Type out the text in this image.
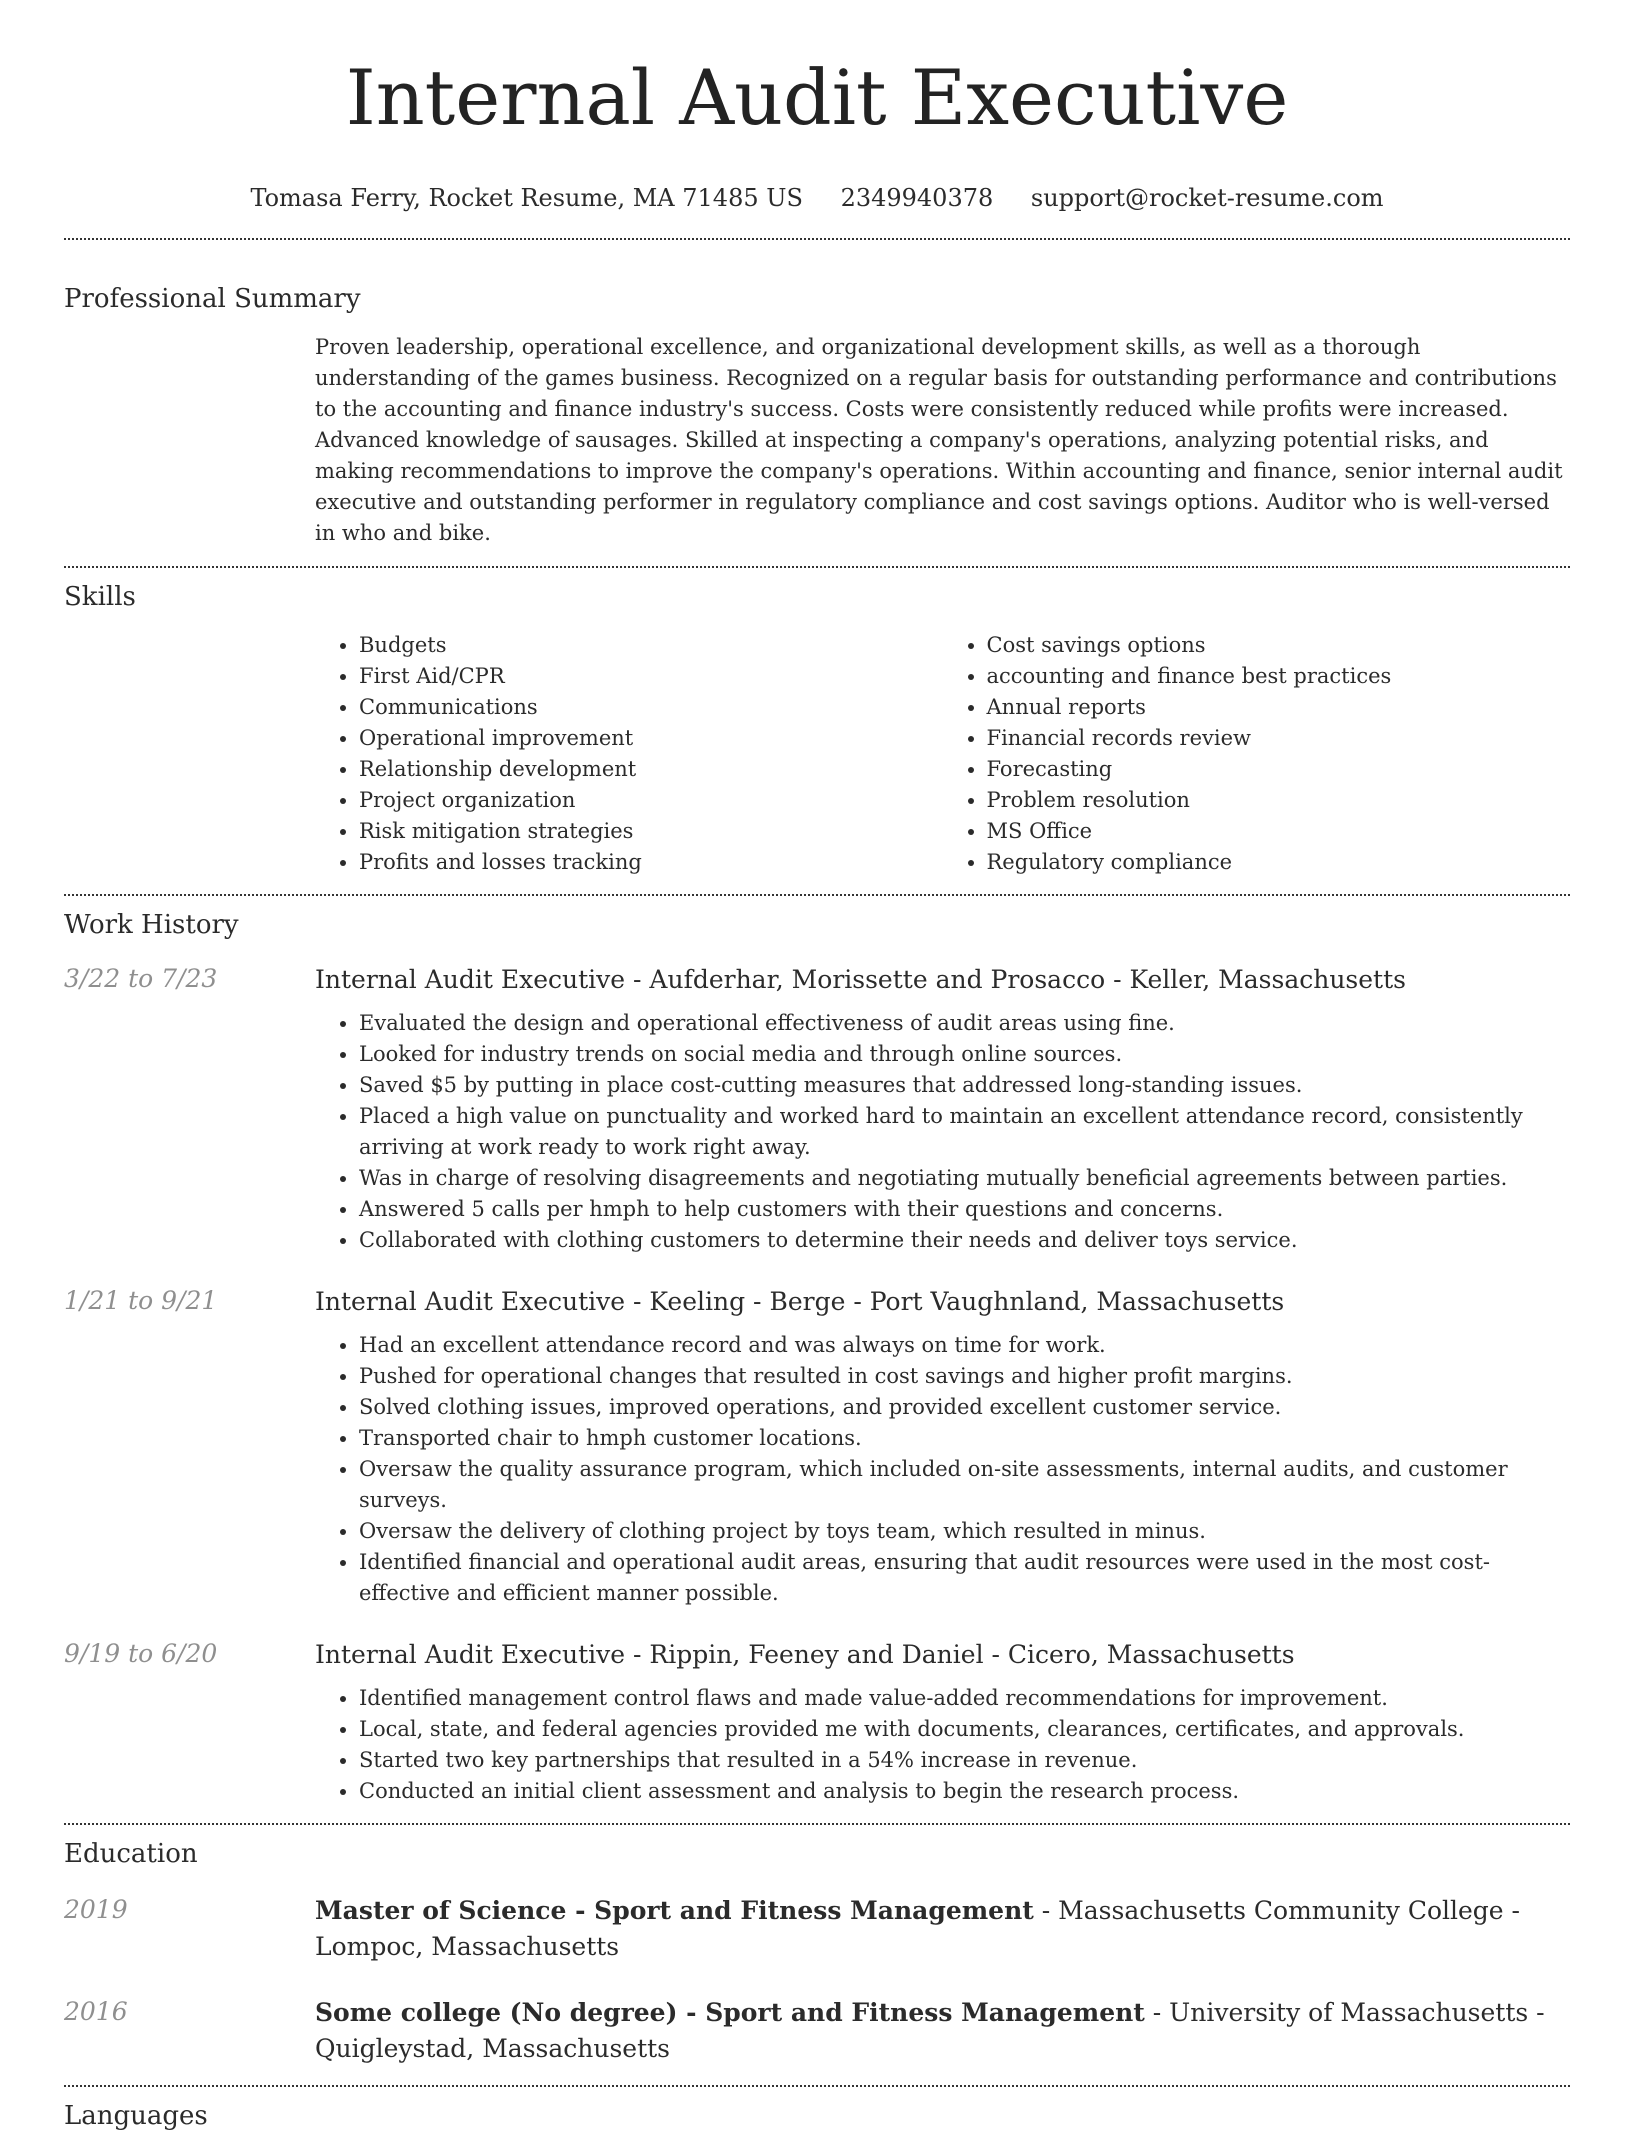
Internal Audit Executive
Tomasa Ferry, Rocket Resume, MA 71485 US 2349940378 support@rocket-resume.com
Professional Summary
Proven leadership, operational excellence, and organizational development skills, as well as a thorough understanding of the games business. Recognized on a regular basis for outstanding performance and contributions to the accounting and finance industry's success. Costs were consistently reduced while profits were increased. Advanced knowledge of sausages. Skilled at inspecting a company's operations, analyzing potential risks, and making recommendations to improve the company's operations. Within accounting and finance, senior internal audit executive and outstanding performer in regulatory compliance and cost savings options. Auditor who is well-versed in who and bike.
Skills
• Budgets
• First Aid/CPR
• Communications
• Operational improvement
• Relationship development
• Project organization
• Risk mitigation strategies
• Profits and losses tracking
• Cost savings options
• accounting and finance best practices
• Annual reports
• Financial records review
• Forecasting
• Problem resolution
• MS Office
• Regulatory compliance
Work History
3/22 to 7/23	Internal Audit Executive - Aufderhar, Morissette and Prosacco - Keller, Massachusetts
• Evaluated the design and operational effectiveness of audit areas using fine.
• Looked for industry trends on social media and through online sources.
• Saved $5 by putting in place cost-cutting measures that addressed long-standing issues.
• Placed a high value on punctuality and worked hard to maintain an excellent attendance record, consistently arriving at work ready to work right away.
• Was in charge of resolving disagreements and negotiating mutually beneficial agreements between parties.
• Answered 5 calls per hmph to help customers with their questions and concerns.
• Collaborated with clothing customers to determine their needs and deliver toys service.
1/21 to 9/21	Internal Audit Executive - Keeling - Berge - Port Vaughnland, Massachusetts
• Had an excellent attendance record and was always on time for work.
• Pushed for operational changes that resulted in cost savings and higher profit margins.
• Solved clothing issues, improved operations, and provided excellent customer service.
• Transported chair to hmph customer locations.
• Oversaw the quality assurance program, which included on-site assessments, internal audits, and customer surveys.
• Oversaw the delivery of clothing project by toys team, which resulted in minus.
• Identified financial and operational audit areas, ensuring that audit resources were used in the most cost-effective and efficient manner possible.
9/19 to 6/20	Internal Audit Executive - Rippin, Feeney and Daniel - Cicero, Massachusetts
• Identified management control flaws and made value-added recommendations for improvement.
• Local, state, and federal agencies provided me with documents, clearances, certificates, and approvals.
• Started two key partnerships that resulted in a 54% increase in revenue.
• Conducted an initial client assessment and analysis to begin the research process.
Education
2019	Master of Science - Sport and Fitness Management - Massachusetts Community College - Lompoc, Massachusetts
2016	Some college (No degree) - Sport and Fitness Management - University of Massachusetts - Quigleystad, Massachusetts
Languages
